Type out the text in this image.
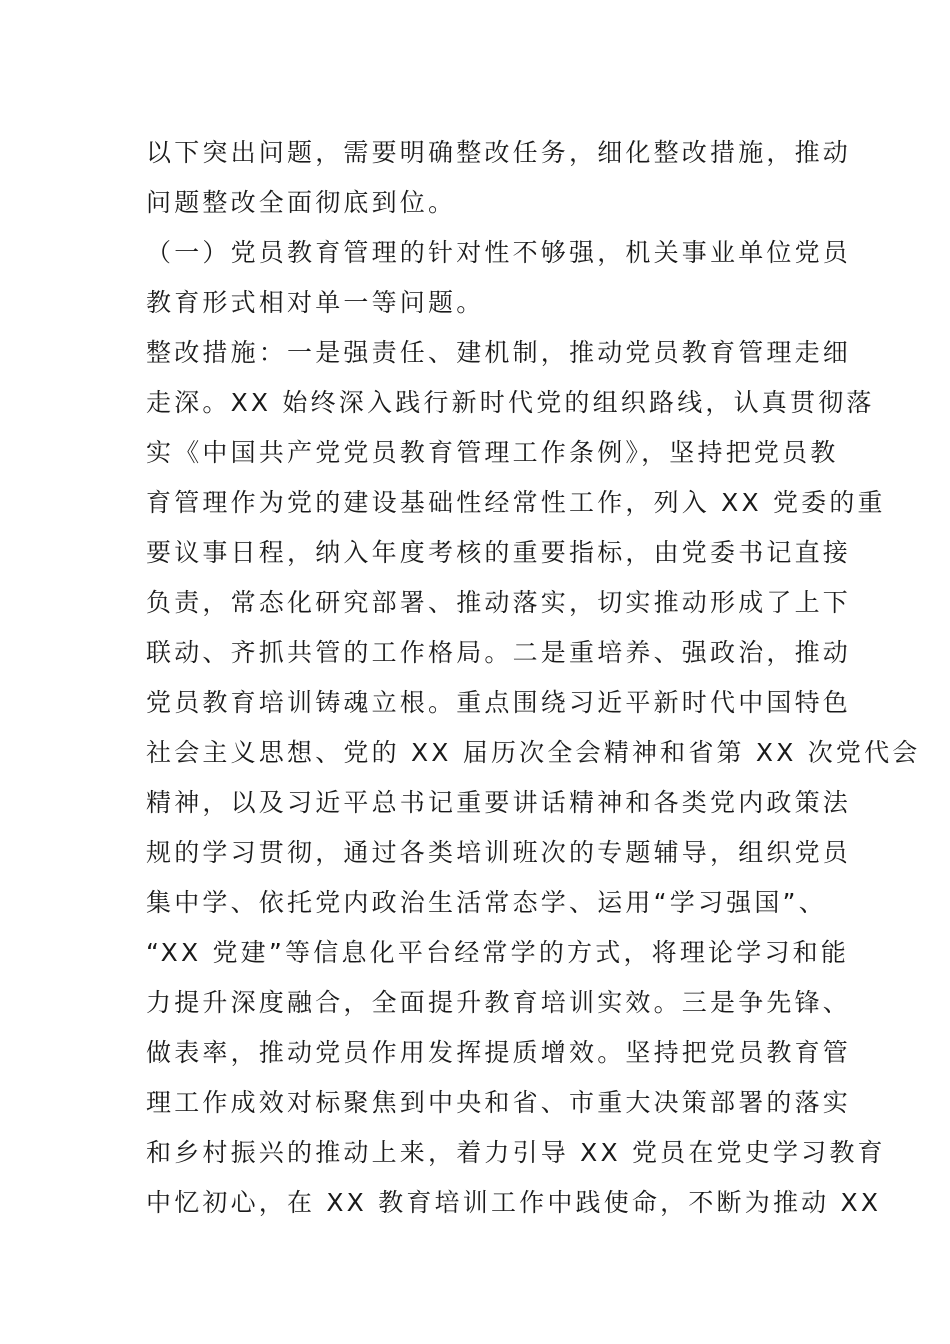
以下突出问题，需要明确整改任务，细化整改措施，推动
问题整改全面彻底到位。
（一）党员教育管理的针对性不够强，机关事业单位党员
教育形式相对单一等问题。
整改措施：一是强责任、建机制，推动党员教育管理走细
走深。XX 始终深入践行新时代党的组织路线，认真贯彻落
实《中国共产党党员教育管理工作条例》，坚持把党员教
育管理作为党的建设基础性经常性工作，列入 XX 党委的重
要议事日程，纳入年度考核的重要指标，由党委书记直接
负责，常态化研究部署、推动落实，切实推动形成了上下
联动、齐抓共管的工作格局。二是重培养、强政治，推动
党员教育培训铸魂立根。重点围绕习近平新时代中国特色
社会主义思想、党的 XX 届历次全会精神和省第 XX 次党代会
精神，以及习近平总书记重要讲话精神和各类党内政策法
规的学习贯彻，通过各类培训班次的专题辅导，组织党员
集中学、依托党内政治生活常态学、运用“学习强国”、
“XX 党建”等信息化平台经常学的方式，将理论学习和能
力提升深度融合，全面提升教育培训实效。三是争先锋、
做表率，推动党员作用发挥提质增效。坚持把党员教育管
理工作成效对标聚焦到中央和省、市重大决策部署的落实
和乡村振兴的推动上来，着力引导 XX 党员在党史学习教育
中忆初心，在 XX 教育培训工作中践使命，不断为推动 XX
